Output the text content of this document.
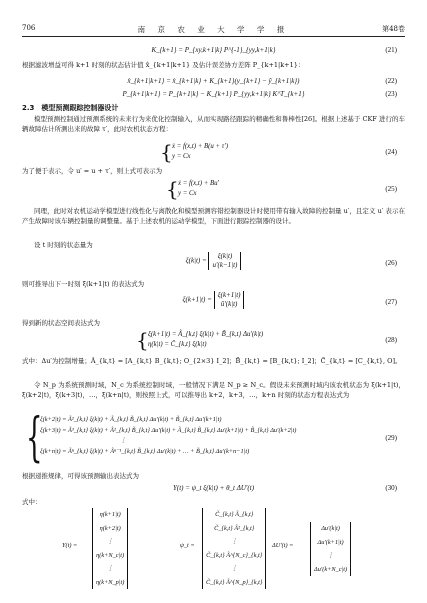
706	南 京 农 业 大 学 学 报	第48卷
K_{k+1} = P_{xy,k+1|k} P^{-1}_{yy,k+1|k}	(21)
根据滤波增益可得 k+1 时刻的状态估计值 x̂_{k+1|k+1} 及估计误差协方差阵 P_{k+1|k+1}：
x̂_{k+1|k+1} = x̂_{k+1|k} + K_{k+1}(y_{k+1} − ŷ_{k+1|k})	(22)
P_{k+1|k+1} = P_{k+1|k} − K_{k+1} P_{yy,k+1|k} K^T_{k+1}	(23)
2.3　模型预测跟踪控制器设计
模型预测控制通过预测系统的未来行为来优化控制输入，从而实现路径跟踪的精确性和鲁棒性[26]。根据上述基于 CKF 进行的车辆故障估计所测出来的故障 τ′，此时农机状态方程：
{ ẋ = f(x,t) + B(u + τ′)
y = Cx
(24)
为了便于表示，令 u′ = u + τ′，则上式可表示为
{ ẋ = f(x,t) + Bu′
y = Cx
(25)
同理，此时对农机运动学模型进行线性化与离散化和模型预测容错控制器设计时使用带有输入故障的控制量 u′，且定义 u′ 表示在产生故障时该车辆控制量的调整量。基于上述农机的运动学模型，下面进行跟踪控制器的设计。
设 t 时刻的状态量为
ξ(k|t) =
ξ(k|t)
u′(k−1|t)	(26)
则可推导出下一时刻 ξ(k+1|t) 的表达式为
ξ(k+1|t) =
ξ(k+1|t)
ũ′(k|t)	(27)
得到新的状态空间表达式为
{ ξ(k+1|t) = Ã_{k,t} ξ(k|t) + B̃_{k,t} Δu′(k|t)
η(k|t) = C̃_{k,t} ξ(k|t)
(28)
式中：Δu′为控制增量；Ã_{k,t} = [A_{k,t} B_{k,t}; O_{2×3} I_2]；B̃_{k,t} = [B_{k,t}; I_2]；C̃_{k,t} = [C_{k,t}, O]。
令 N_p 为系统预测时域，N_c 为系统控制时域，一般情况下满足 N_p ≥ N_c。假设未来预测时域内该农机状态为 ξ(k+1|t)，ξ(k+2|t)，ξ(k+3|t)，…，ξ(k+n|t)，则按照上式，可以推导出 k+2，k+3，…，k+n 时刻的状态方程表达式为
{
ξ(k+2|t) = Ã²_{k,t} ξ(k|t) + Ã_{k,t} B̃_{k,t} Δu′(k|t) + B̃_{k,t} Δu′(k+1|t)
ξ(k+3|t) = Ã³_{k,t} ξ(k|t) + Ã²_{k,t} B̃_{k,t} Δu′(k|t) + Ã_{k,t} B̃_{k,t} Δu′(k+1|t) + B̃_{k,t} Δu′(k+2|t)
⋮
ξ(k+n|t) = Ãⁿ_{k,t} ξ(k|t) + Ãⁿ⁻¹_{k,t} B̃_{k,t} Δu′(k|t) + … + B̃_{k,t} Δu′(k+n−1|t)
(29)
根据递推规律，可得该预测输出表达式为
Y(t) = ψ_t ξ(k|t) + θ_t ΔU′(t)	(30)
式中：
Y(t) =
η(k+1|t)
η(k+2|t)
⋮
η(k+N_c|t)
⋮
η(k+N_p|t)
ψ_t =
C̃_{k,t} Ã_{k,t}
C̃_{k,t} Ã²_{k,t}
⋮
C̃_{k,t} Ã^{N_c}_{k,t}
⋮
C̃_{k,t} Ã^{N_p}_{k,t}
ΔU′(t) =
Δu′(k|t)
Δu′(k+1|t)
⋮
Δu′(k+N_c|t)
